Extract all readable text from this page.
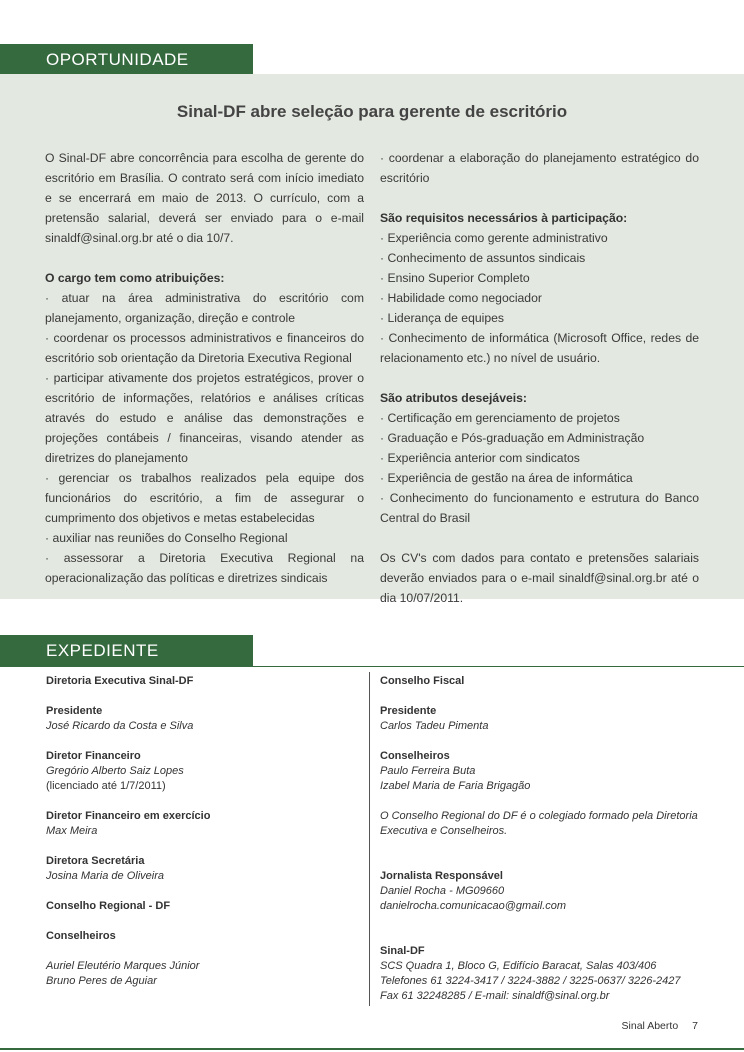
OPORTUNIDADE
Sinal-DF abre seleção para gerente de escritório

O Sinal-DF abre concorrência para escolha de gerente do escritório em Brasília. O contrato será com início imediato e se encerrará em maio de 2013. O currículo, com a pretensão salarial, deverá ser enviado para o e-mail sinaldf@sinal.org.br até o dia 10/7.

O cargo tem como atribuições:

· atuar na área administrativa do escritório com planejamento, organização, direção e controle

· coordenar os processos administrativos e financeiros do escritório sob orientação da Diretoria Executiva Regional

· participar ativamente dos projetos estratégicos, prover o escritório de informações, relatórios e análises críticas através do estudo e análise das demonstrações e projeções contábeis / financeiras, visando atender as diretrizes do planejamento

· gerenciar os trabalhos realizados pela equipe dos funcionários do escritório, a fim de assegurar o cumprimento dos objetivos e metas estabelecidas

· auxiliar nas reuniões do Conselho Regional

· assessorar a Diretoria Executiva Regional na operacionalização das políticas e diretrizes sindicais

· coordenar a elaboração do planejamento estratégico do escritório

São requisitos necessários à participação:

· Experiência como gerente administrativo

· Conhecimento de assuntos sindicais

· Ensino Superior Completo

· Habilidade como negociador

· Liderança de equipes

· Conhecimento de informática (Microsoft Office, redes de relacionamento etc.) no nível de usuário.

São atributos desejáveis:

· Certificação em gerenciamento de projetos

· Graduação e Pós-graduação em Administração

· Experiência anterior com sindicatos

· Experiência de gestão na área de informática

· Conhecimento do funcionamento e estrutura do Banco Central do Brasil

Os CV's com dados para contato e pretensões salariais deverão enviados para o e-mail sinaldf@sinal.org.br até o dia 10/07/2011.

EXPEDIENTE
Diretoria Executiva Sinal-DF
Presidente
José Ricardo da Costa e Silva
Diretor Financeiro
Gregório Alberto Saiz Lopes
(licenciado até 1/7/2011)
Diretor Financeiro em exercício
Max Meira
Diretora Secretária
Josina Maria de Oliveira
Conselho Regional - DF
Conselheiros
Auriel Eleutério Marques Júnior
Bruno Peres de Aguiar
Conselho Fiscal
Presidente
Carlos Tadeu Pimenta
Conselheiros
Paulo Ferreira Buta
Izabel Maria de Faria Brigagão
O Conselho Regional do DF é o colegiado formado pela Diretoria Executiva e Conselheiros.
Jornalista Responsável
Daniel Rocha - MG09660
danielrocha.comunicacao@gmail.com
Sinal-DF
SCS Quadra 1, Bloco G, Edifício Baracat, Salas 403/406
Telefones 61 3224-3417 / 3224-3882 / 3225-0637/ 3226-2427
Fax 61 32248285 / E-mail: sinaldf@sinal.org.br
Sinal Aberto 7
